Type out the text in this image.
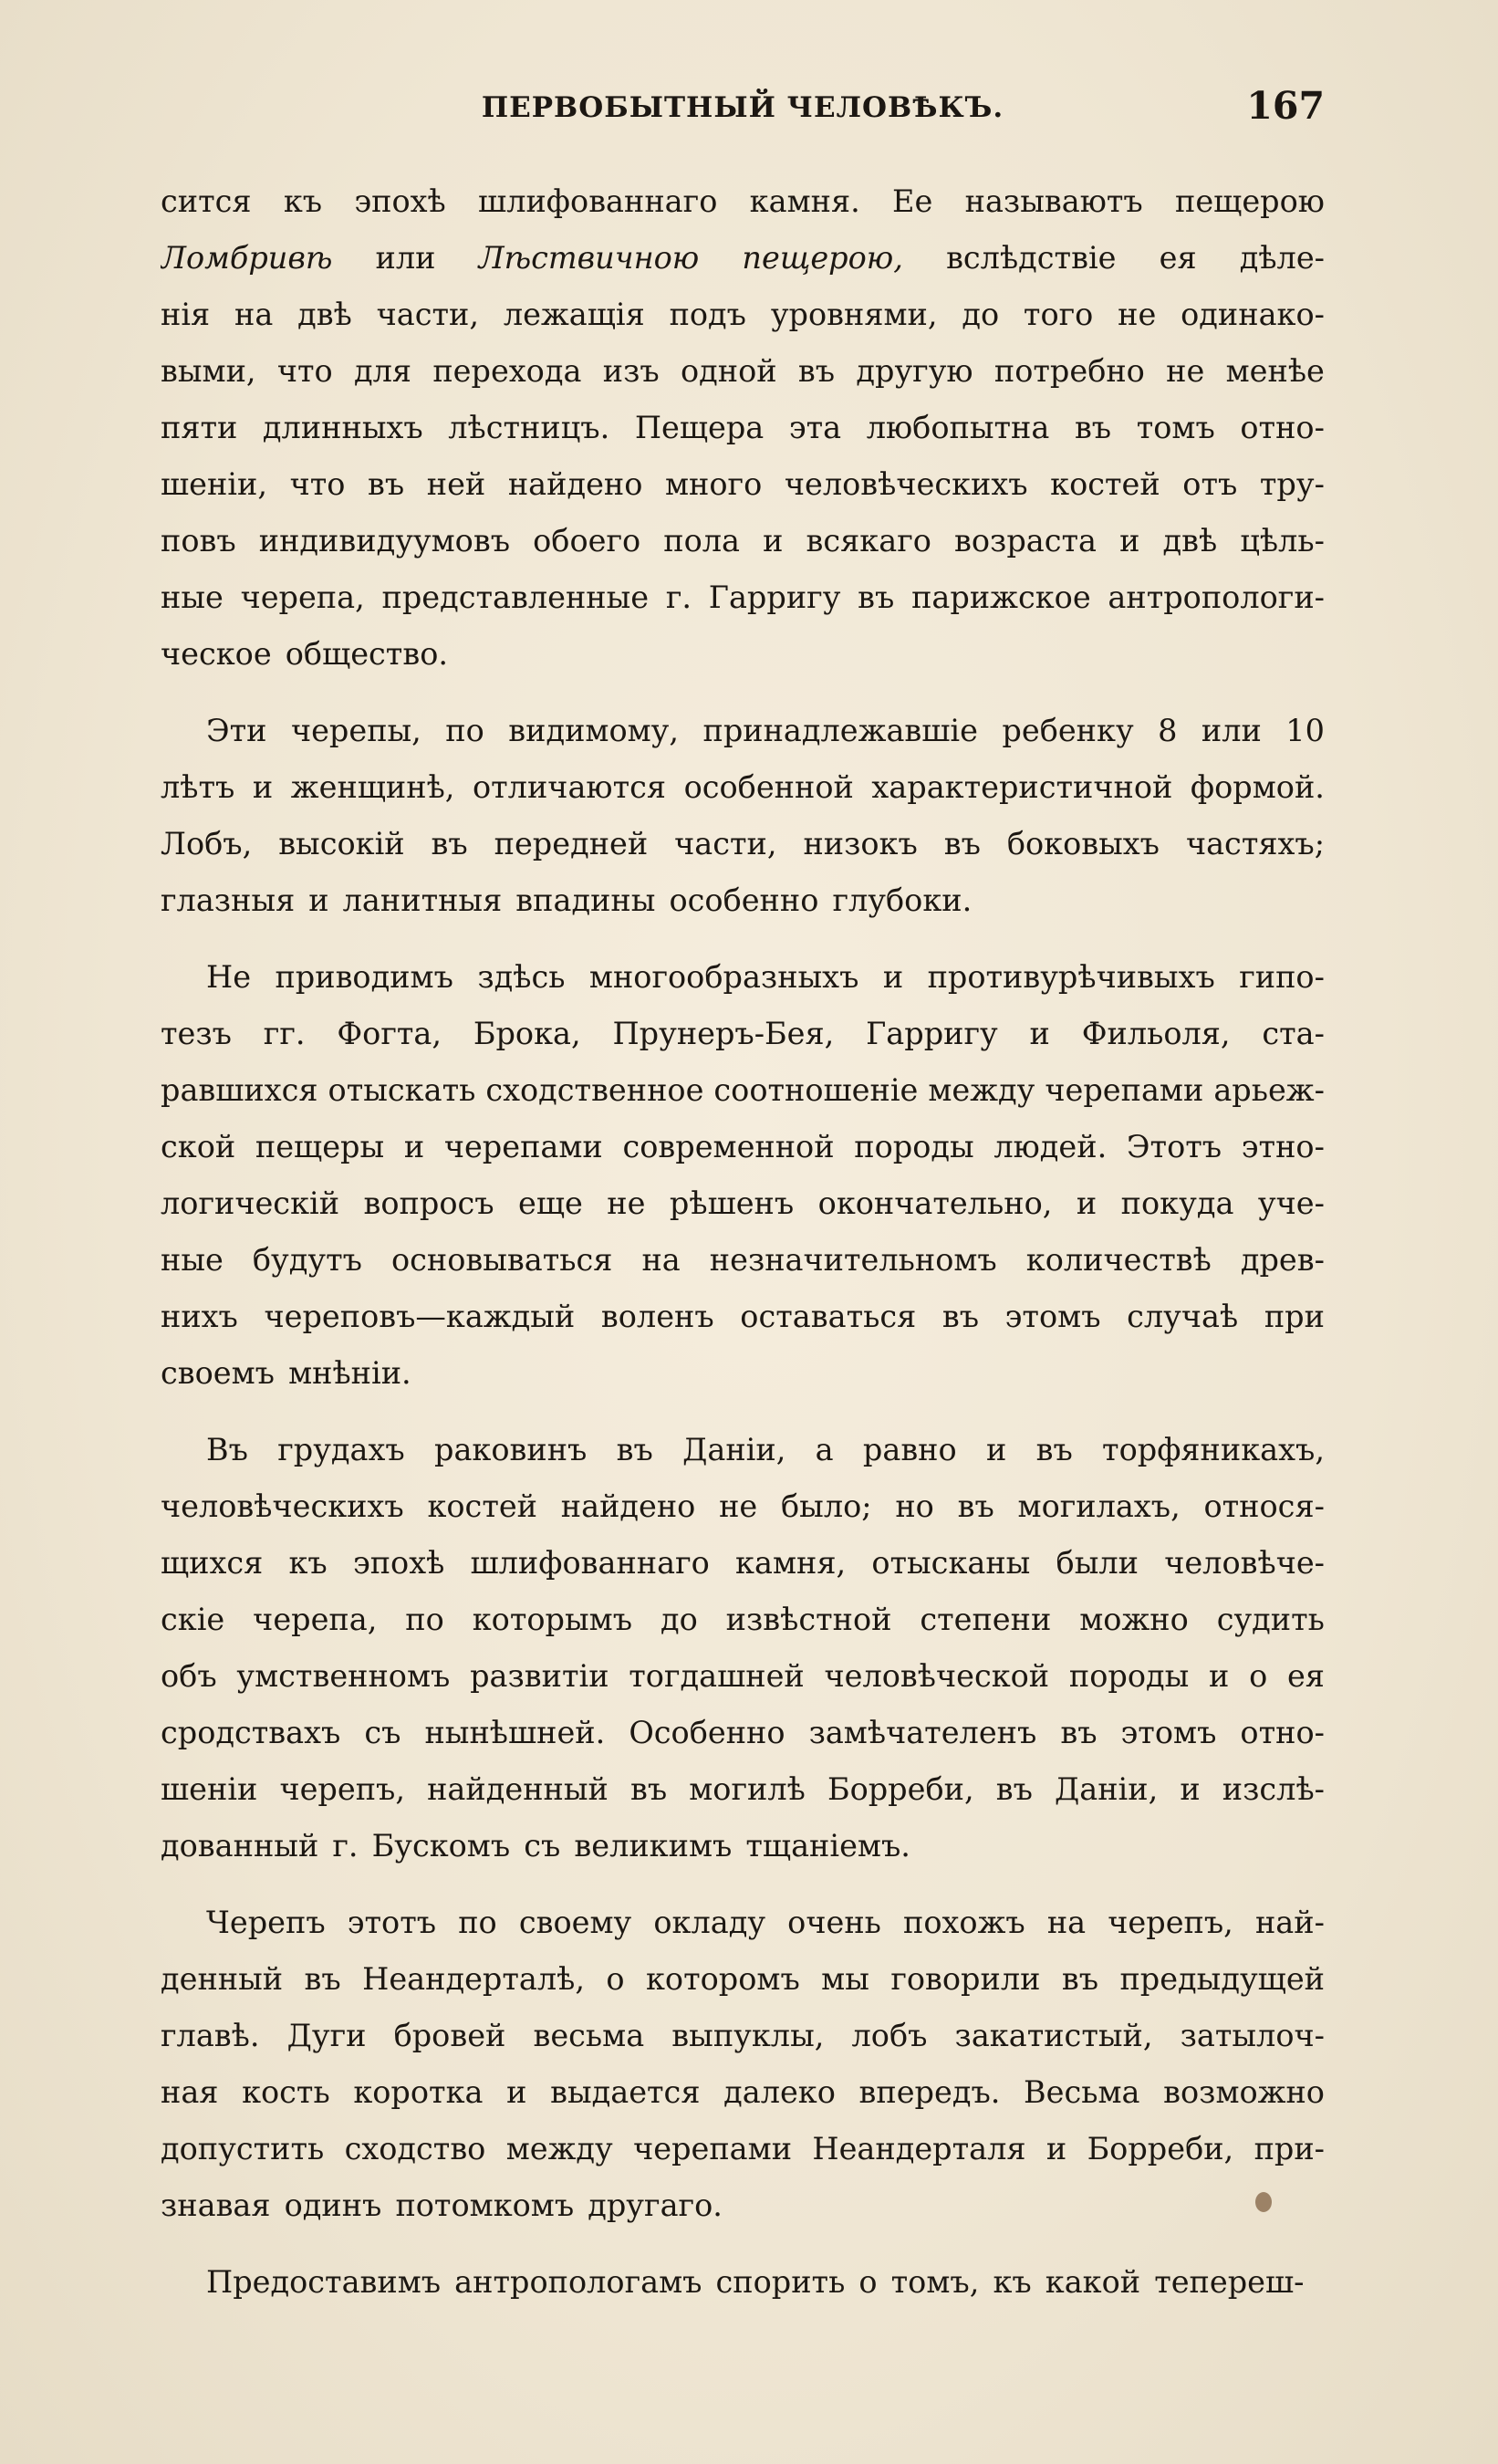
ПЕРВОБЫТНЫЙ ЧЕЛОВѢКЪ.	167
сится къ эпохѣ шлифованнаго камня. Ее называютъ пещерою
Ломбривѣ или Лѣствичною пещерою, вслѣдствіе ея дѣле-
нія на двѣ части, лежащія подъ уровнями, до того не одинако-
выми, что для перехода изъ одной въ другую потребно не менѣе
пяти длинныхъ лѣстницъ. Пещера эта любопытна въ томъ отно-
шеніи, что въ ней найдено много человѣческихъ костей отъ тру-
повъ индивидуумовъ обоего пола и всякаго возраста и двѣ цѣль-
ные черепа, представленные г. Гарригу въ парижское антропологи-
ческое общество.
Эти черепы, по видимому, принадлежавшіе ребенку 8 или 10
лѣтъ и женщинѣ, отличаются особенной характеристичной формой.
Лобъ, высокій въ передней части, низокъ въ боковыхъ частяхъ;
глазныя и ланитныя впадины особенно глубоки.
Не приводимъ здѣсь многообразныхъ и противурѣчивыхъ гипо-
тезъ гг. Фогта, Брока, Прунеръ-Бея, Гарригу и Фильоля, ста-
равшихся отыскать сходственное соотношеніе между черепами арьеж-
ской пещеры и черепами современной породы людей. Этотъ этно-
логическій вопросъ еще не рѣшенъ окончательно, и покуда уче-
ные будутъ основываться на незначительномъ количествѣ древ-
нихъ череповъ—каждый воленъ оставаться въ этомъ случаѣ при
своемъ мнѣніи.
Въ грудахъ раковинъ въ Даніи, а равно и въ торфяникахъ,
человѣческихъ костей найдено не было; но въ могилахъ, относя-
щихся къ эпохѣ шлифованнаго камня, отысканы были человѣче-
скіе черепа, по которымъ до извѣстной степени можно судить
объ умственномъ развитіи тогдашней человѣческой породы и о ея
сродствахъ съ нынѣшней. Особенно замѣчателенъ въ этомъ отно-
шеніи черепъ, найденный въ могилѣ Борреби, въ Даніи, и изслѣ-
дованный г. Бускомъ съ великимъ тщаніемъ.
Черепъ этотъ по своему окладу очень похожъ на черепъ, най-
денный въ Неандерталѣ, о которомъ мы говорили въ предыдущей
главѣ. Дуги бровей весьма выпуклы, лобъ закатистый, затылоч-
ная кость коротка и выдается далеко впередъ. Весьма возможно
допустить сходство между черепами Неандерталя и Борреби, при-
знавая одинъ потомкомъ другаго.
Предоставимъ антропологамъ спорить о томъ, къ какой теперeш-
